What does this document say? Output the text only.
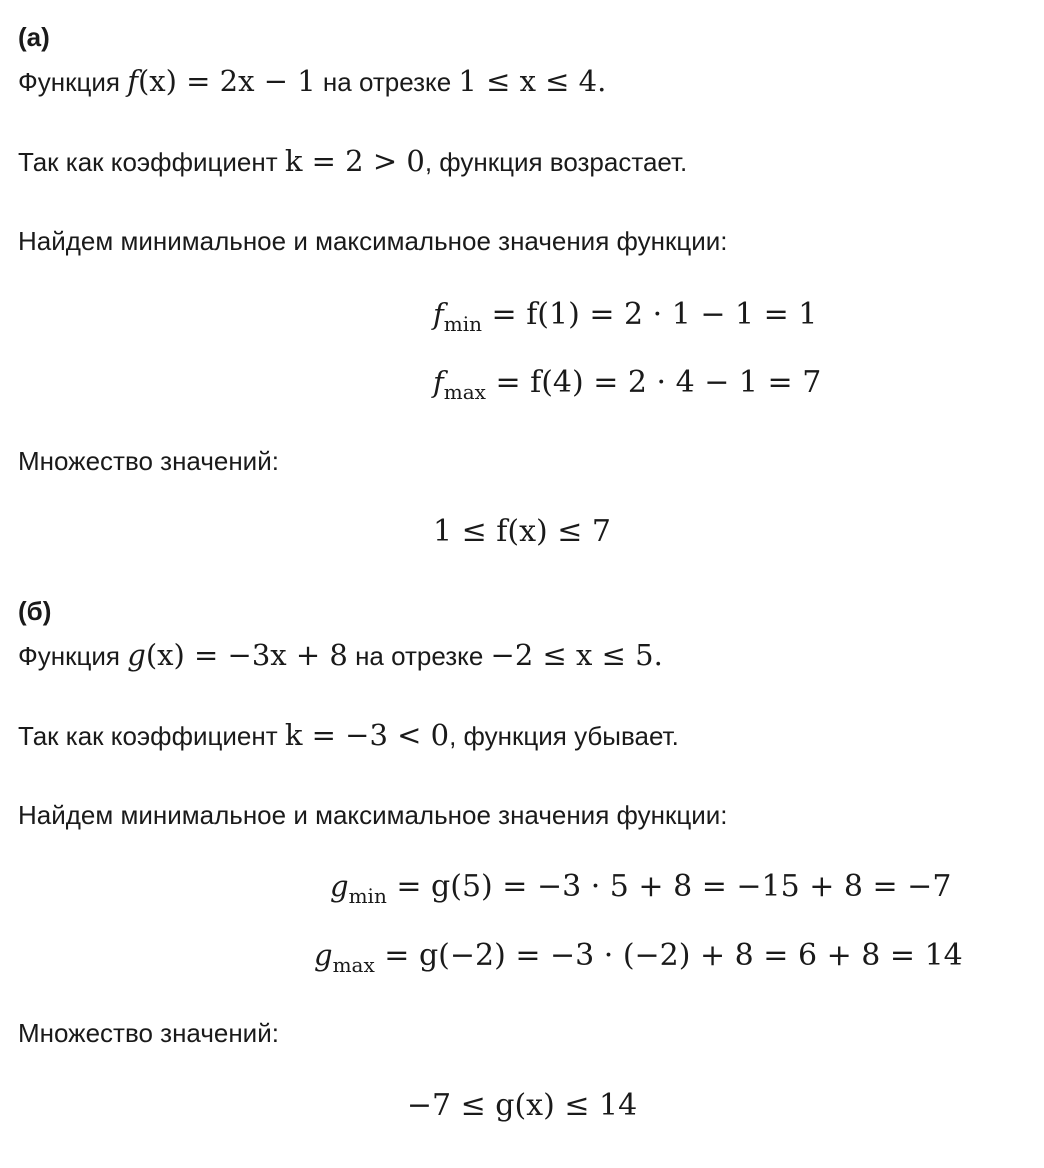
(a)
Функция f(x) = 2x − 1 на отрезке 1 ≤ x ≤ 4.
Так как коэффициент k = 2 > 0, функция возрастает.
Найдем минимальное и максимальное значения функции:
$f_{min} = f(1) = 2 \cdot 1 - 1 = 1$
$f_{max} = f(4) = 2 \cdot 4 - 1 = 7$
Множество значений:
1 ≤ f(x) ≤ 7
(б)
Функция g(x) = −3x + 8 на отрезке −2 ≤ x ≤ 5.
Так как коэффициент k = −3 < 0, функция убывает.
Найдем минимальное и максимальное значения функции:
$g_{min} = g(5) = -3 \cdot 5 + 8 = -15 + 8 = -7$
$g_{max} = g(-2) = -3 \cdot (-2) + 8 = 6 + 8 = 14$
Множество значений:
−7 ≤ g(x) ≤ 14
